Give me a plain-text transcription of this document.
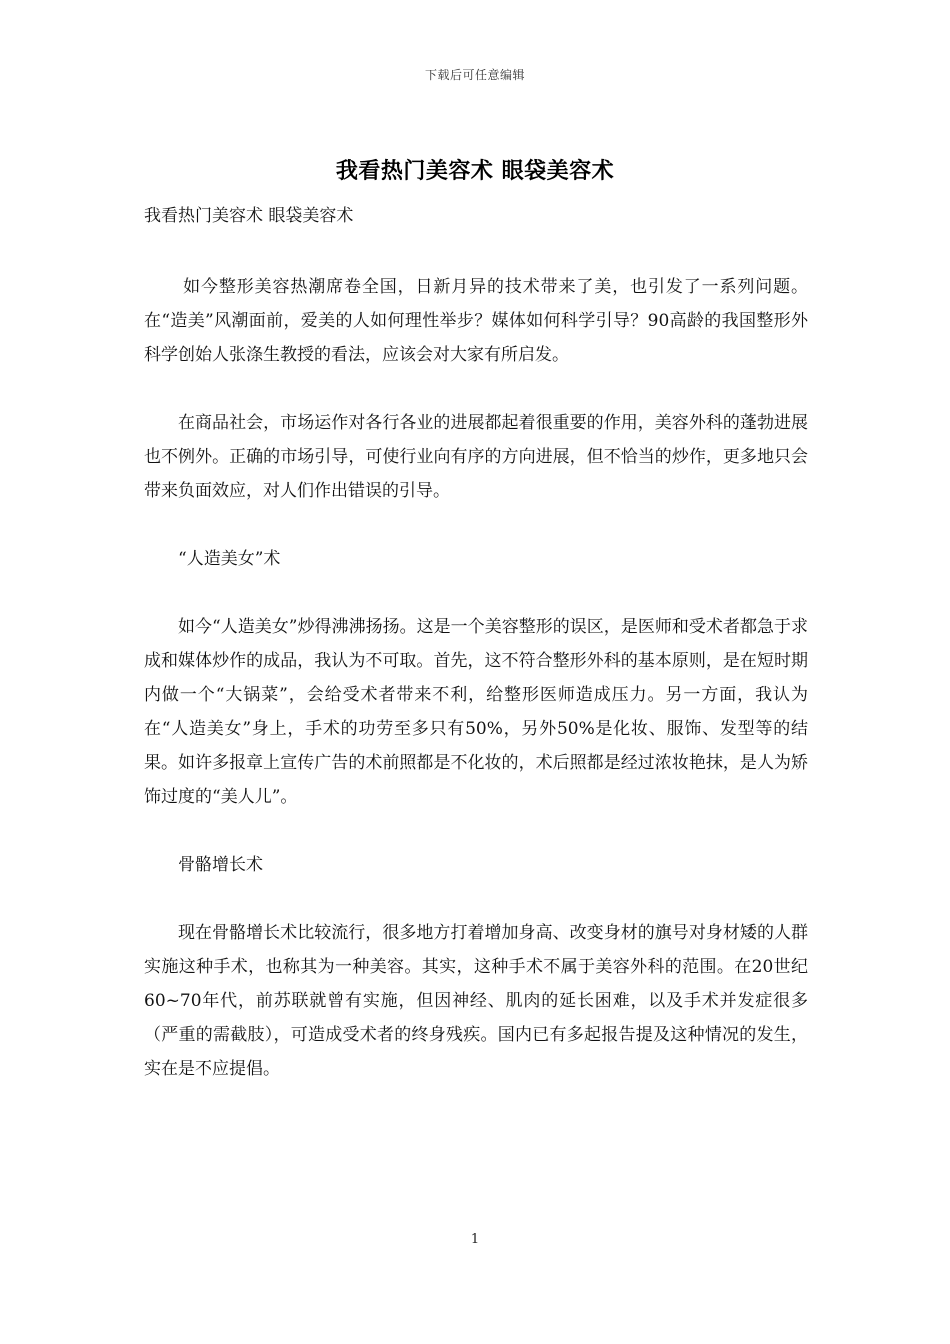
下载后可任意编辑
我看热门美容术 眼袋美容术
我看热门美容术 眼袋美容术

如今整形美容热潮席卷全国，日新月异的技术带来了美，也引发了一系列问题。在“造美”风潮面前，爱美的人如何理性举步？媒体如何科学引导？90高龄的我国整形外科学创始人张涤生教授的看法，应该会对大家有所启发。

在商品社会，市场运作对各行各业的进展都起着很重要的作用，美容外科的蓬勃进展也不例外。正确的市场引导，可使行业向有序的方向进展，但不恰当的炒作，更多地只会带来负面效应，对人们作出错误的引导。

“人造美女”术

如今“人造美女”炒得沸沸扬扬。这是一个美容整形的误区，是医师和受术者都急于求成和媒体炒作的成品，我认为不可取。首先，这不符合整形外科的基本原则，是在短时期内做一个“大锅菜”，会给受术者带来不利，给整形医师造成压力。另一方面，我认为在“人造美女”身上，手术的功劳至多只有50%，另外50%是化妆、服饰、发型等的结果。如许多报章上宣传广告的术前照都是不化妆的，术后照都是经过浓妆艳抹，是人为矫饰过度的“美人儿”。

骨骼增长术

现在骨骼增长术比较流行，很多地方打着增加身高、改变身材的旗号对身材矮的人群实施这种手术，也称其为一种美容。其实，这种手术不属于美容外科的范围。在20世纪60~70年代，前苏联就曾有实施，但因神经、肌肉的延长困难，以及手术并发症很多（严重的需截肢），可造成受术者的终身残疾。国内已有多起报告提及这种情况的发生，实在是不应提倡。

1
